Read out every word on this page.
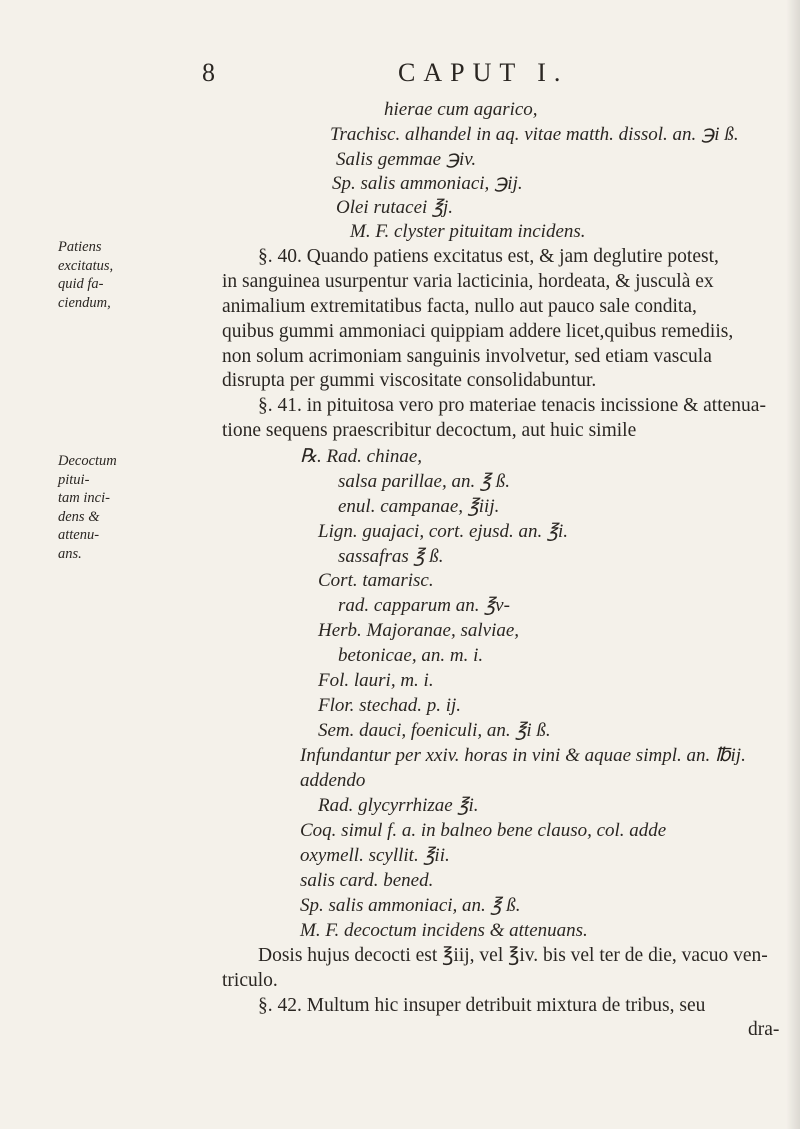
8	CAPUT I.
Patiens
excitatus,
quid fa-
ciendum,
Decoctum
pitui-
tam inci-
dens &
attenu-
ans.
hierae cum agarico,
Trachisc. alhandel in aq. vitae matth. dissol. an. ℈i ß.
Salis gemmae ℈iv.
Sp. salis ammoniaci, ℈ij.
Olei rutacei ℥j.
M. F. clyster pituitam incidens.
§. 40. Quando patiens excitatus est, & jam deglutire potest,
in sanguinea usurpentur varia lacticinia, hordeata, & jusculà ex
animalium extremitatibus facta, nullo aut pauco sale condita,
quibus gummi ammoniaci quippiam addere licet,quibus remediis,
non solum acrimoniam sanguinis involvetur, sed etiam vascula
disrupta per gummi viscositate consolidabuntur.
§. 41. in pituitosa vero pro materiae tenacis incissione & attenua-
tione sequens praescribitur decoctum, aut huic simile
℞. Rad. chinae,
salsa parillae, an. ℥ ß.
enul. campanae, ℥iij.
Lign. guajaci, cort. ejusd. an. ℥i.
sassafras ℥ ß.
Cort. tamarisc.
rad. capparum an. ℥v-
Herb. Majoranae, salviae,
betonicae, an. m. i.
Fol. lauri, m. i.
Flor. stechad. p. ij.
Sem. dauci, foeniculi, an. ℥i ß.
Infundantur per xxiv. horas in vini & aquae simpl. an. ℔ij.
addendo
Rad. glycyrrhizae ℥i.
Coq. simul f. a. in balneo bene clauso, col. adde
oxymell. scyllit. ℥ii.
salis card. bened.
Sp. salis ammoniaci, an. ℥ ß.
M. F. decoctum incidens & attenuans.
Dosis hujus decocti est ℥iij, vel ℥iv. bis vel ter de die, vacuo ven-
triculo.
§. 42. Multum hic insuper detribuit mixtura de tribus, seu
dra-
